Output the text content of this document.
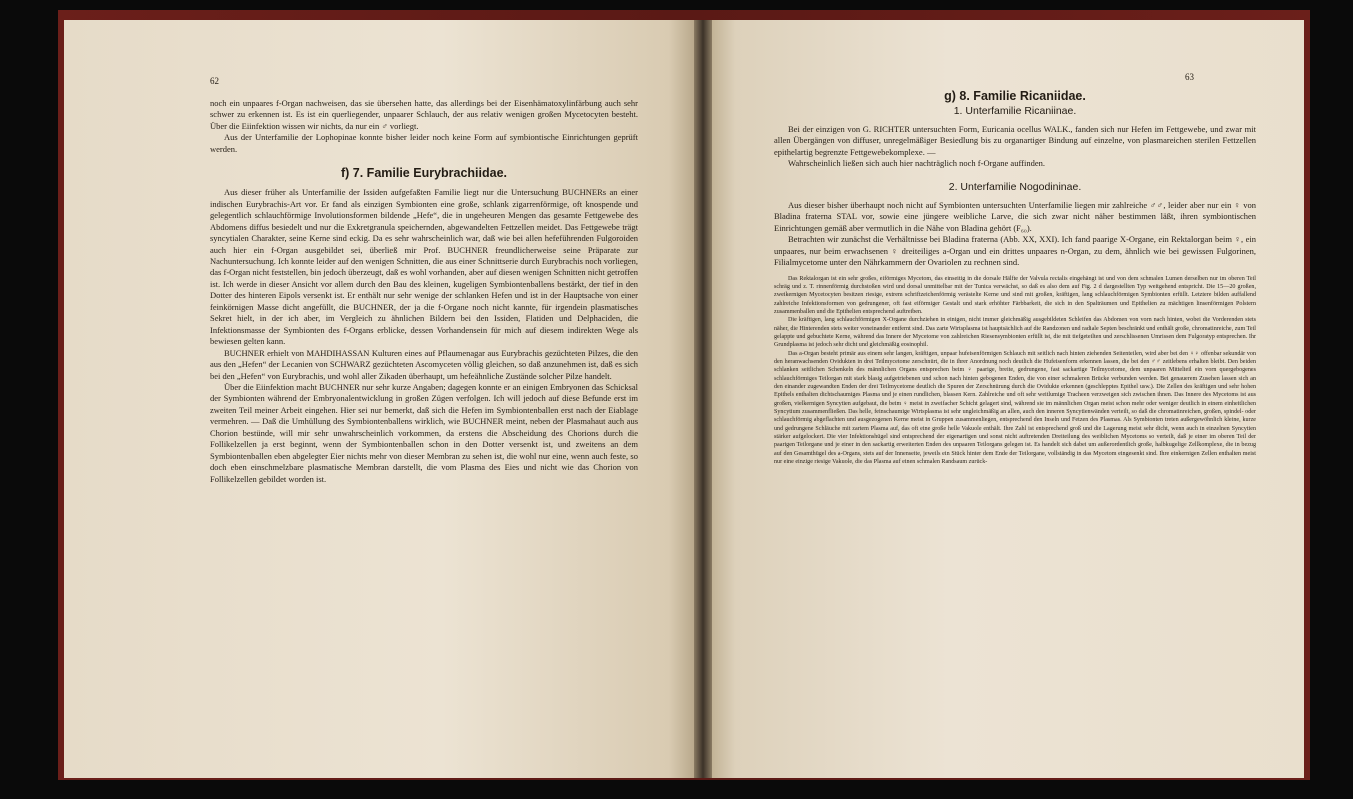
62

noch ein unpaares f-Organ nachweisen, das sie übersehen hatte, das allerdings bei der Eisenhämatoxylinfärbung auch sehr schwer zu erkennen ist. Es ist ein querliegender, unpaarer Schlauch, der aus relativ wenigen großen Mycetocyten besteht. Über die Eiinfektion wissen wir nichts, da nur ein ♂ vorliegt.

Aus der Unterfamilie der Lophopinae konnte bisher leider noch keine Form auf symbiontische Einrichtungen geprüft werden.

f) 7. Familie Eurybrachiidae.

Aus dieser früher als Unterfamilie der Issiden aufgefaßten Familie liegt nur die Untersuchung BUCHNERs an einer indischen Eurybrachis-Art vor. Er fand als einzigen Symbionten eine große, schlank zigarrenförmige, oft knospende und gelegentlich schlauchförmige Involutionsformen bildende „Hefe“, die in ungeheuren Mengen das gesamte Fettgewebe des Abdomens diffus besiedelt und nur die Exkretgranula speichernden, abgewandelten Fettzellen meidet. Das Fettgewebe trägt syncytialen Charakter, seine Kerne sind eckig. Da es sehr wahrscheinlich war, daß wie bei allen hefeführenden Fulgoroiden auch hier ein f-Organ ausgebildet sei, überließ mir Prof. BUCHNER freundlicherweise seine Präparate zur Nachuntersuchung. Ich konnte leider auf den wenigen Schnitten, die aus einer Schnittserie durch Eurybrachis noch vorliegen, das f-Organ nicht feststellen, bin jedoch überzeugt, daß es wohl vorhanden, aber auf diesen wenigen Schnitten nicht getroffen ist. Ich werde in dieser Ansicht vor allem durch den Bau des kleinen, kugeligen Symbiontenballens bestärkt, der tief in den Dotter des hinteren Eipols versenkt ist. Er enthält nur sehr wenige der schlanken Hefen und ist in der Hauptsache von einer feinkörnigen Masse dicht angefüllt, die BUCHNER, der ja die f-Organe noch nicht kannte, für irgendein plasmatisches Sekret hielt, in der ich aber, im Vergleich zu ähnlichen Bildern bei den Issiden, Flatiden und Delphaciden, die Infektionsmasse der Symbionten des f-Organs erblicke, dessen Vorhandensein für mich auf diesem indirekten Wege als bewiesen gelten kann.

BUCHNER erhielt von MAHDIHASSAN Kulturen eines auf Pflaumenagar aus Eurybrachis gezüchteten Pilzes, die den aus den „Hefen“ der Lecanien von SCHWARZ gezüchteten Ascomyceten völlig gleichen, so daß anzunehmen ist, daß es sich bei den „Hefen“ von Eurybrachis, und wohl aller Zikaden überhaupt, um hefeähnliche Zustände solcher Pilze handelt.

Über die Eiinfektion macht BUCHNER nur sehr kurze Angaben; dagegen konnte er an einigen Embryonen das Schicksal der Symbionten während der Embryonalentwicklung in großen Zügen verfolgen. Ich will jedoch auf diese Befunde erst im zweiten Teil meiner Arbeit eingehen. Hier sei nur bemerkt, daß sich die Hefen im Symbiontenballen erst nach der Eiablage vermehren. — Daß die Umhüllung des Symbiontenballens wirklich, wie BUCHNER meint, neben der Plasmahaut auch aus Chorion bestünde, will mir sehr unwahrscheinlich vorkommen, da erstens die Abscheidung des Chorions durch die Follikelzellen ja erst beginnt, wenn der Symbiontenballen schon in den Dotter versenkt ist, und zweitens an dem Symbiontenballen eben abgelegter Eier nichts mehr von dieser Membran zu sehen ist, die wohl nur eine, wenn auch feste, so doch eben einschmelzbare plasmatische Membran darstellt, die vom Plasma des Eies und nicht wie das Chorion von Follikelzellen gebildet worden ist.

63
g) 8. Familie Ricaniidae.
1. Unterfamilie Ricaniinae.

Bei der einzigen von G. RICHTER untersuchten Form, Euricania ocellus WALK., fanden sich nur Hefen im Fettgewebe, und zwar mit allen Übergängen von diffuser, unregelmäßiger Besiedlung bis zu organartiger Bindung auf einzelne, von plasmareichen sterilen Fettzellen epithelartig begrenzte Fettgewebekomplexe. —

Wahrscheinlich ließen sich auch hier nachträglich noch f-Organe auffinden.

2. Unterfamilie Nogodininae.

Aus dieser bisher überhaupt noch nicht auf Symbionten untersuchten Unterfamilie liegen mir zahlreiche ♂♂, leider aber nur ein ♀ von Bladina fraterna STAL vor, sowie eine jüngere weibliche Larve, die sich zwar nicht näher bestimmen läßt, ihren symbiontischen Einrichtungen gemäß aber vermutlich in die Nähe von Bladina gehört (F₆₀).

Betrachten wir zunächst die Verhältnisse bei Bladina fraterna (Abb. XX, XXI). Ich fand paarige X-Organe, ein Rektalorgan beim ♀, ein unpaares, nur beim erwachsenen ♀ dreiteiliges a-Organ und ein drittes unpaares n-Organ, zu dem, ähnlich wie bei gewissen Fulgorinen, Filialmycetome unter den Nährkammern der Ovariolen zu rechnen sind.

Das Rektalorgan ist ein sehr großes, eiförmiges Mycetom, das einseitig in die dorsale Hälfte der Valvula rectalis eingehängt ist und von dem schmalen Lumen derselben nur im oberen Teil schräg und z. T. rinnenförmig durchstoßen wird und dorsal unmittelbar mit der Tunica verwächst, so daß es also dem auf Fig. 2 d dargestellten Typ weitgehend entspricht. Die 15—20 großen, zweikernigen Mycetocyten besitzen riesige, extrem schriftzeichenförmig verästelte Kerne und sind mit großen, kräftigen, lang schlauchförmigen Symbionten erfüllt. Letztere bilden auffallend zahlreiche Infektionsformen von gedrungener, oft fast eiförmiger Gestalt und stark erhöhter Färbbarkeit, die sich in den Spalträumen und Epithelien zu mächtigen linsenförmigen Polstern zusammenballen und die Epithelien entsprechend auftreiben.

Die kräftigen, lang schlauchförmigen X-Organe durchziehen in einigen, nicht immer gleichmäßig ausgebildeten Schleifen das Abdomen von vorn nach hinten, wobei die Vorderenden stets näher, die Hinterenden stets weiter voneinander entfernt sind. Das zarte Wirtsplasma ist hauptsächlich auf die Randzonen und radiale Septen beschränkt und enthält große, chromatinreiche, zum Teil gelappte und gebuchtete Kerne, während das Innere der Mycetome von zahlreichen Riesensymbionten erfüllt ist, die mit tiefgeteilten und zerschlissenen Umrissen dem Fulgoratyp entsprechen. Ihr Grundplasma ist jedoch sehr dicht und gleichmäßig eosinophil.

Das a-Organ besteht primär aus einem sehr langen, kräftigen, unpaar hufeisenförmigen Schlauch mit seitlich nach hinten ziehenden Seitenteilen, wird aber bei den ♀♀ offenbar sekundär von den heranwachsenden Ovidukten in drei Teilmycetome zerschnürt, die in ihrer Anordnung noch deutlich die Hufeisenform erkennen lassen, die bei den ♂♂ zeitlebens erhalten bleibt. Den beiden schlanken seitlichen Schenkeln des männlichen Organs entsprechen beim ♀ paarige, breite, gedrungene, fast sackartige Teilmycetome, dem unpaaren Mittelteil ein vorn quergebogenes schlauchförmiges Teilorgan mit stark blasig aufgetriebenen und schon nach hinten gebogenen Enden, die von einer schmaleren Brücke verbunden werden. Bei genauerem Zusehen lassen sich an den einander zugewandten Enden der drei Teilmycetome deutlich die Spuren der Zerschnürung durch die Ovidukte erkennen (geschlepptes Epithel usw.). Die Zellen des kräftigen und sehr hohen Epithels enthalten dichtschaumiges Plasma und je einen rundlichen, blassen Kern. Zahlreiche und oft sehr weitlumige Tracheen verzweigen sich zwischen ihnen. Das Innere des Mycetoms ist aus großen, vielkernigen Syncytien aufgebaut, die beim ♀ meist in zweifacher Schicht gelagert sind, während sie im männlichen Organ meist schon mehr oder weniger deutlich in einem einheitlichen Syncytium zusammenfließen. Das helle, feinschaumige Wirtsplasma ist sehr ungleichmäßig an allen, auch den inneren Syncytienwänden verteilt, so daß die chromatinreichen, großen, spindel- oder schlauchförmig abgeflachten und ausgezogenen Kerne meist in Gruppen zusammenliegen, entsprechend den Inseln und Fetzen des Plasmas. Als Symbionten treten außergewöhnlich kleine, kurze und gedrungene Schläuche mit zartem Plasma auf, das oft eine große helle Vakuole enthält. Ihre Zahl ist entsprechend groß und die Lagerung meist sehr dicht, wenn auch in einzelnen Syncytien stärker aufgelockert. Die vier Infektionshügel sind entsprechend der eigenartigen und sonst nicht auftretenden Dreiteilung des weiblichen Mycetoms so verteilt, daß je einer im oberen Teil der paarigen Teilorgane und je einer in den sackartig erweiterten Enden des unpaaren Teilorgans gelegen ist. Es handelt sich dabei um außerordentlich große, halbkugelige Zellkomplexe, die in bezug auf den Gesamthügel des a-Organs, stets auf der Innenseite, jeweils ein Stück hinter dem Ende der Teilorgane, vollständig in das Mycetom eingesenkt sind. Ihre einkernigen Zellen enthalten meist nur eine einzige riesige Vakuole, die das Plasma auf einen schmalen Randsaum zurück-
